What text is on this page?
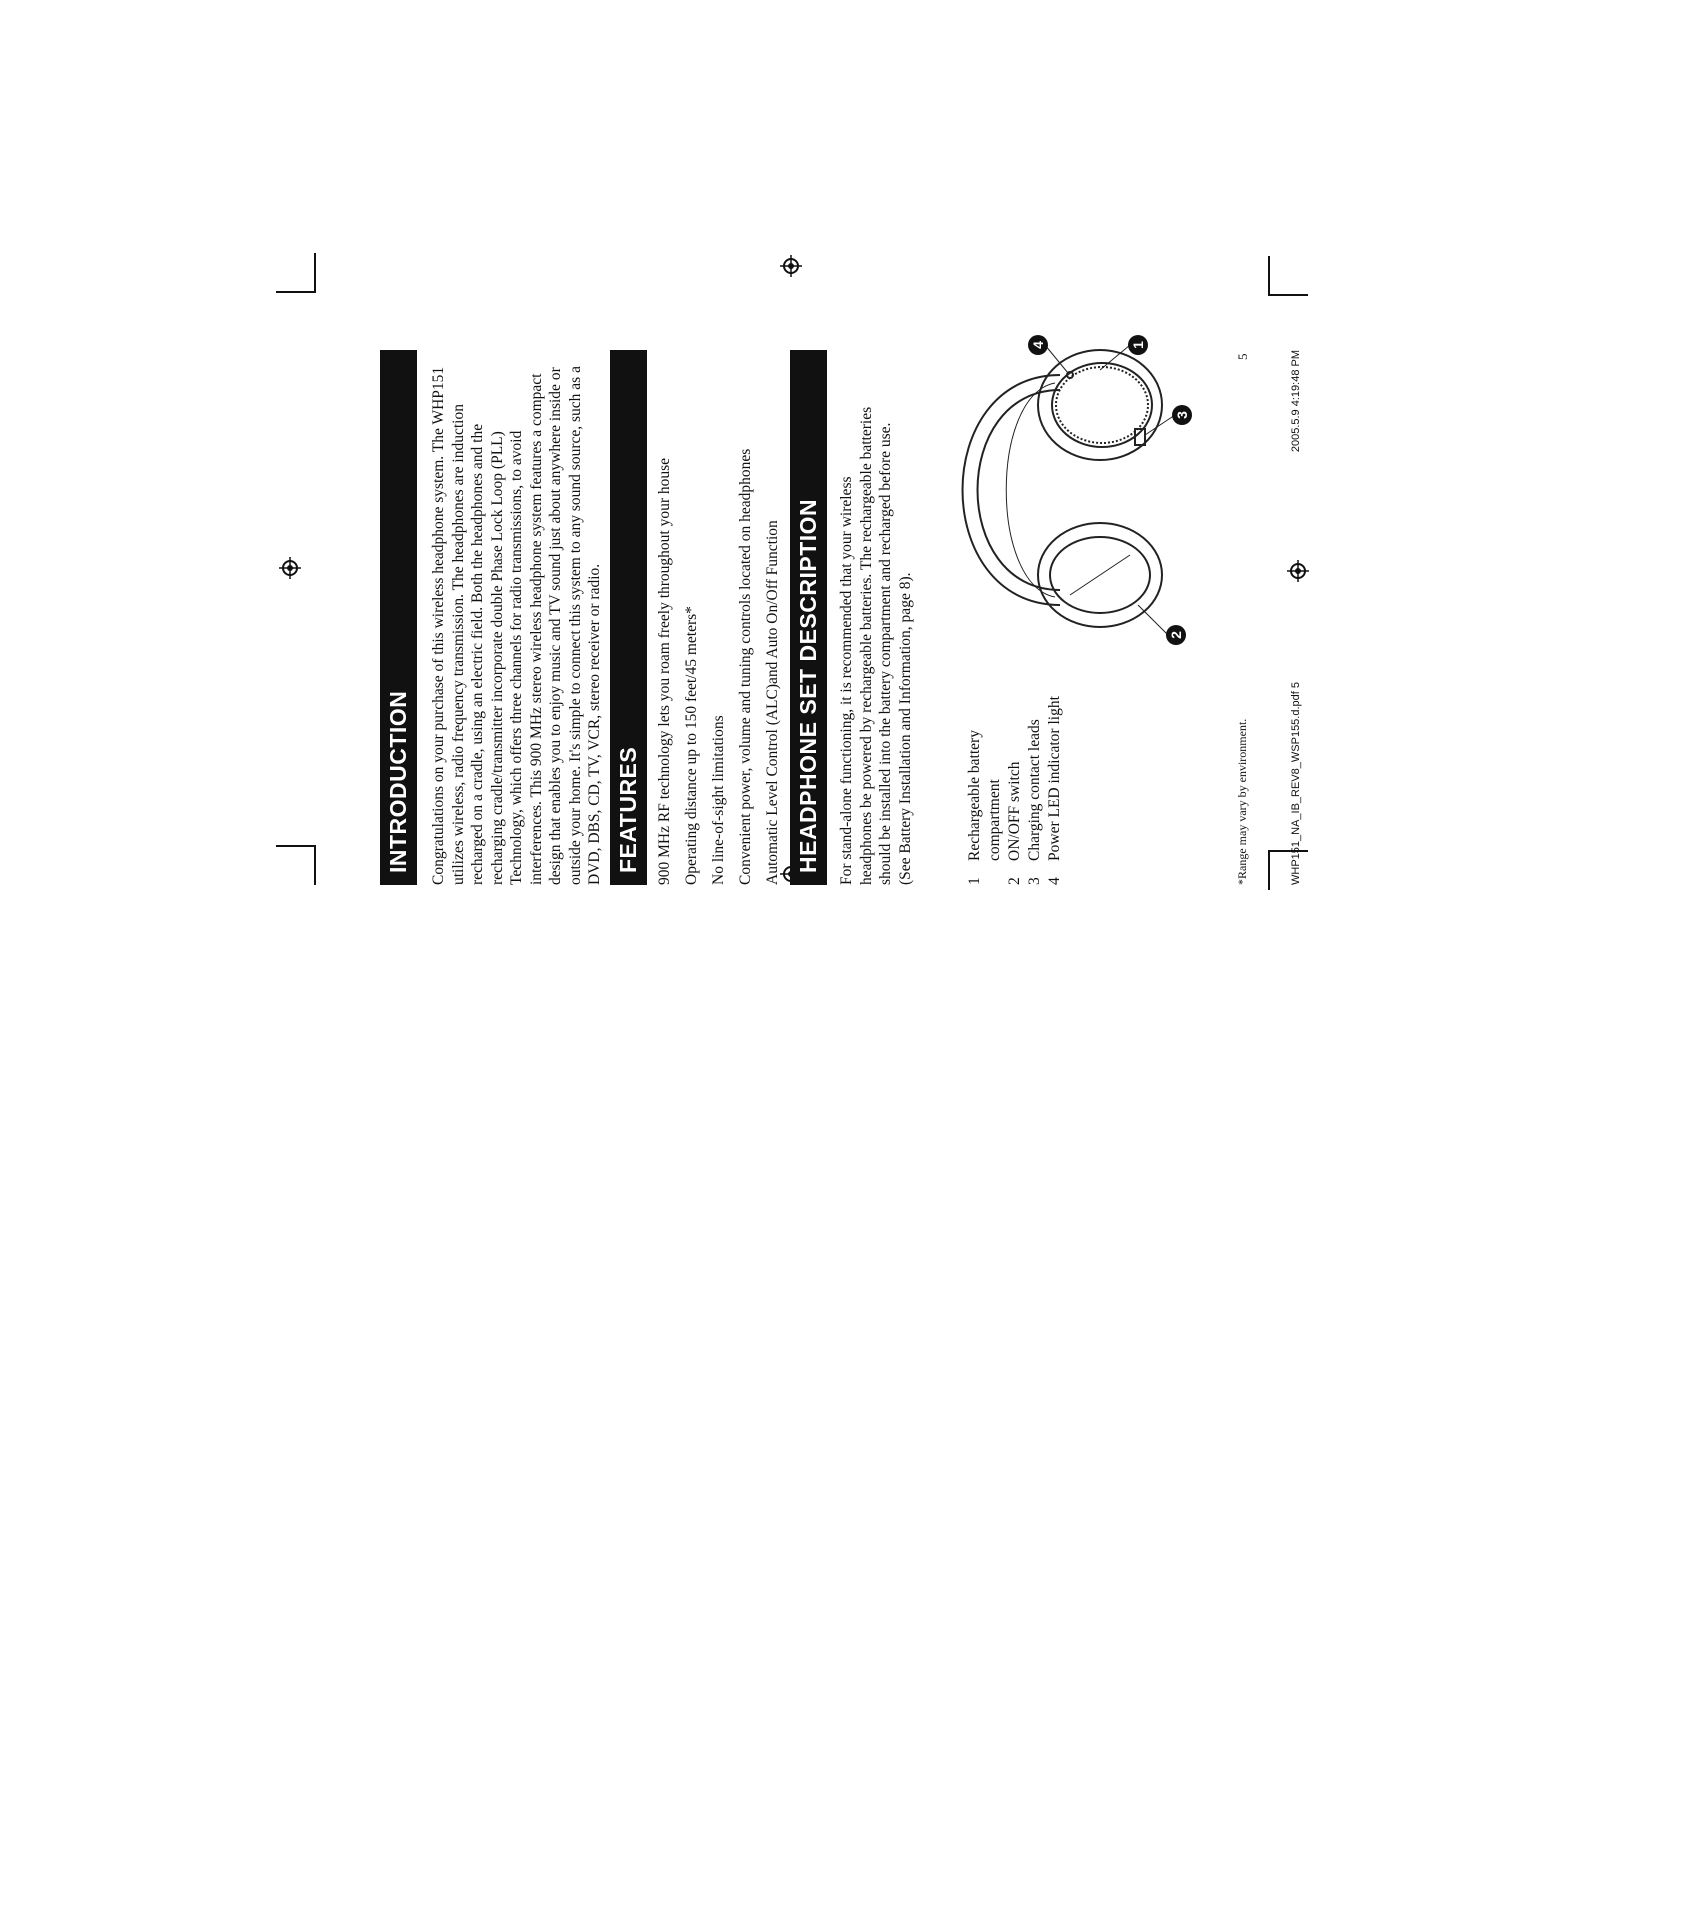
INTRODUCTION Congratulations on your purchase of this wireless headphone system. The WHP151 utilizes wireless, radio frequency transmission. The headphones are induction recharged on a cradle, using an electric field. Both the headphones and the recharging cradle/transmitter incorporate double Phase Lock Loop (PLL) Technology, which offers three channels for radio transmissions, to avoid interferences. This 900 MHz stereo wireless headphone system features a compact design that enables you to enjoy music and TV sound just about anywhere inside or outside your home. It's simple to connect this system to any sound source, such as a DVD, DBS, CD, TV, VCR, stereo receiver or radio. FEATURES 900 MHz RF technology lets you roam freely throughout your house Operating distance up to 150 feet/45 meters* No line-of-sight limitations Convenient power, volume and tuning controls located on headphones Automatic Level Control (ALC)and Auto On/Off Function HEADPHONE SET DESCRIPTION For stand-alone functioning, it is recommended that your wireless headphones be powered by rechargeable batteries. The rechargeable batteries should be installed into the battery compartment and recharged before use. (See Battery Installation and Information, page 8).	1
Rechargeable battery compartment
2
ON/OFF switch
3
Charging contact leads
4
Power LED indicator light
1
2
3
4
*Range may vary by environment.
5
WHP151_NA_IB_REV8_WSP155.d.pdf 5
2005.5.9 4:19:48 PM
